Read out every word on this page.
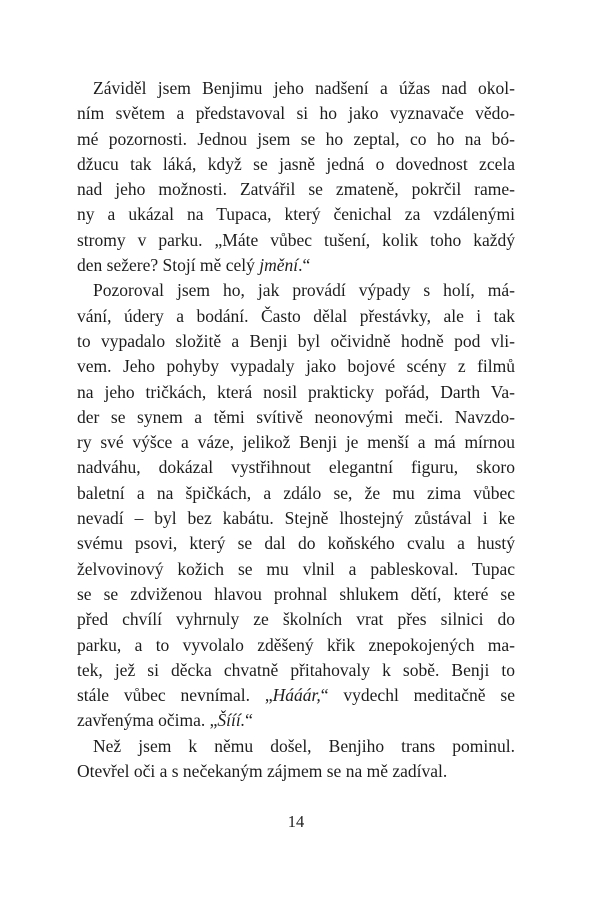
Záviděl jsem Benjimu jeho nadšení a úžas nad okol-
ním světem a představoval si ho jako vyznavače vědo-
mé pozornosti. Jednou jsem se ho zeptal, co ho na bó-
džucu tak láká, když se jasně jedná o dovednost zcela
nad jeho možnosti. Zatvářil se zmateně, pokrčil rame-
ny a ukázal na Tupaca, který čenichal za vzdálenými
stromy v parku. „Máte vůbec tušení, kolik toho každý
den sežere? Stojí mě celý jmění.“
Pozoroval jsem ho, jak provádí výpady s holí, má-
vání, údery a bodání. Často dělal přestávky, ale i tak
to vypadalo složitě a Benji byl očividně hodně pod vli-
vem. Jeho pohyby vypadaly jako bojové scény z filmů
na jeho tričkách, která nosil prakticky pořád, Darth Va-
der se synem a těmi svítivě neonovými meči. Navzdo-
ry své výšce a váze, jelikož Benji je menší a má mírnou
nadváhu, dokázal vystřihnout elegantní figuru, skoro
baletní a na špičkách, a zdálo se, že mu zima vůbec
nevadí – byl bez kabátu. Stejně lhostejný zůstával i ke
svému psovi, který se dal do koňského cvalu a hustý
želvovinový kožich se mu vlnil a pableskoval. Tupac
se se zdviženou hlavou prohnal shlukem dětí, které se
před chvílí vyhrnuly ze školních vrat přes silnici do
parku, a to vyvolalo zděšený křik znepokojených ma-
tek, jež si děcka chvatně přitahovaly k sobě. Benji to
stále vůbec nevnímal. „Hááár,“ vydechl meditačně se
zavřenýma očima. „Šííí.“
Než jsem k němu došel, Benjiho trans pominul.
Otevřel oči a s nečekaným zájmem se na mě zadíval.
14
